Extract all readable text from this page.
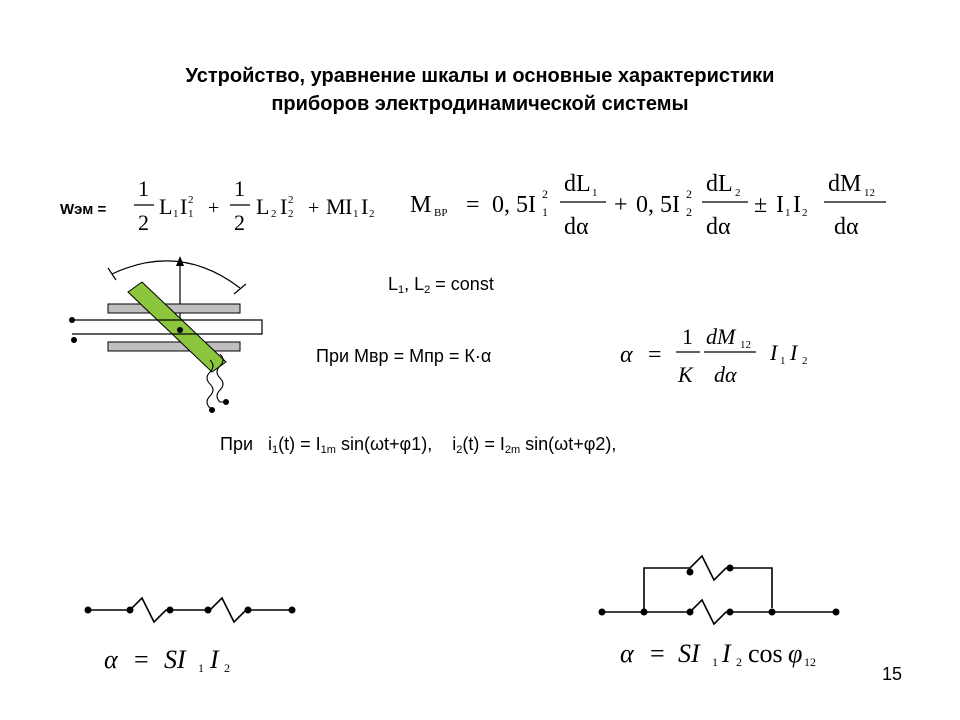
Устройство, уравнение шкалы и основные характеристики
приборов электродинамической системы
Wэм =
1
2
L 1 I 2
1 +
1
2
L 2 I 2
2 + M I 1 I 2 M ВР = 0, 5I 2
1
dL 1
dα
+ 0, 5I 2
2
dL 2
dα
± I 1 I 2
dM 12
dα
$L_1$, $L_2$ = const
При Мвр = Мпр = К·α	α =
1
К
dM 12
dα
I 1 I 2
При $i_1(t) = I_{1m}$ sin(ωt+φ1), $i_2(t) = I_{2m}$ sin(ωt+φ2),
α = SI 1 I 2	α = SI 1 I 2 cos φ 12
15
